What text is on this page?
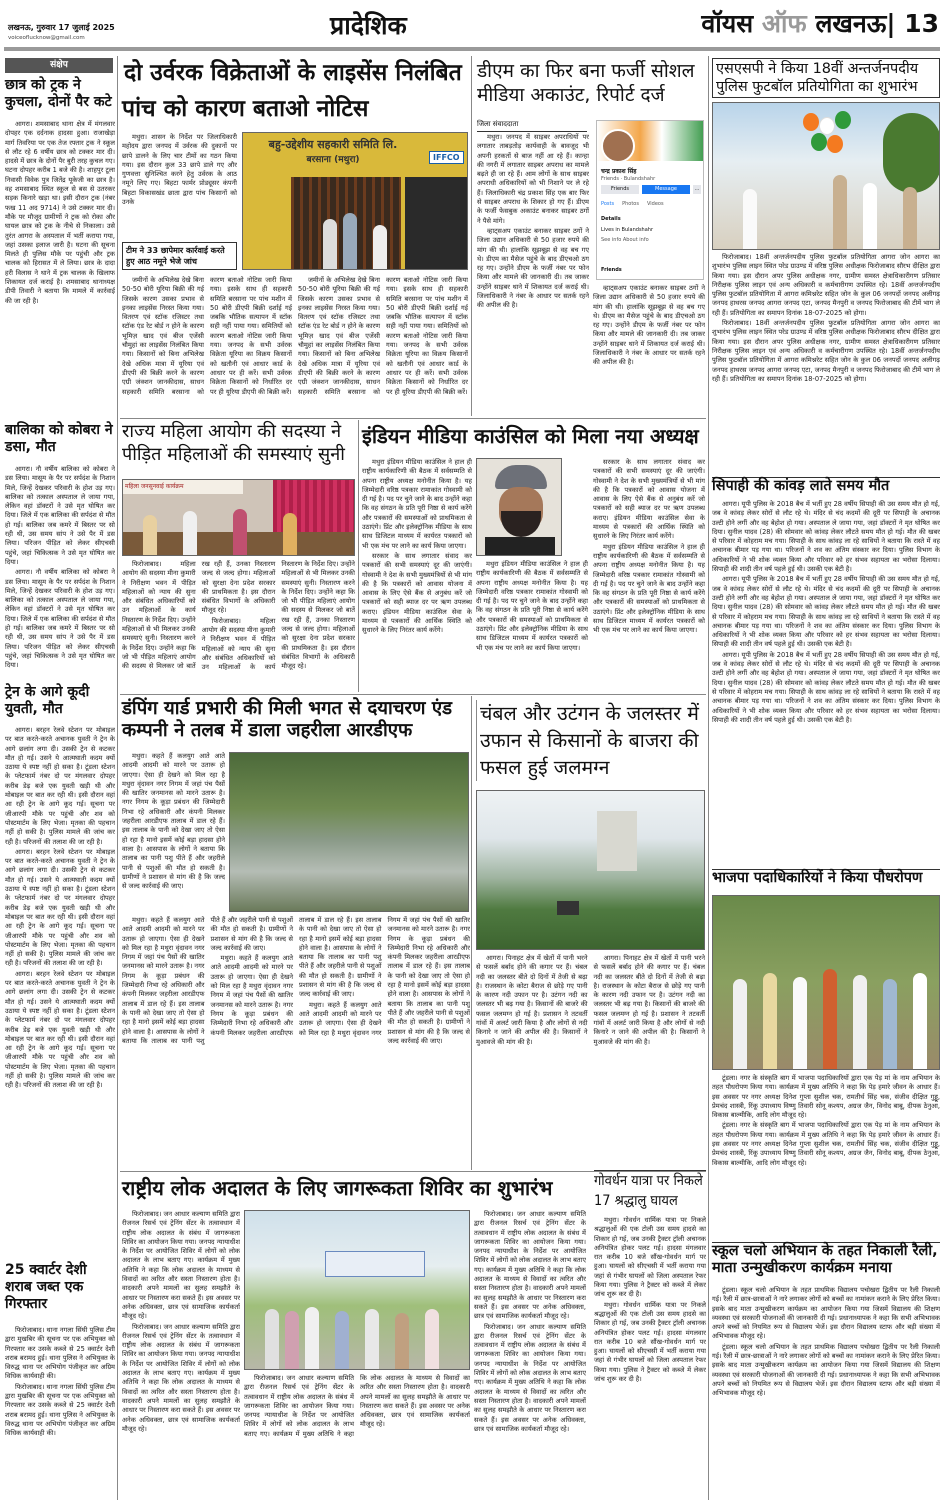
लखनऊ, गुरुवार 17 जुलाई 2025
voiceoflucknow@gmail.com	प्रादेशिक	वॉयस ऑफ लखनऊ| 13
संक्षेप
छात्र को ट्रक ने कुचला, दोनों पैर कटे

आगरा। शमसाबाद थाना क्षेत्र में मंगलवार दोपहर एक दर्दनाक हादसा हुआ। राजाखेड़ा मार्ग तिवरिया पर एक तेज रफ्तार ट्रक ने स्कूल से लौट रहे 6 वर्षीय छात्र को टक्कर मार दी। हादसे में छात्र के दोनों पैर बुरी तरह कुचल गए। घटना दोपहर करीब 1 बजे की है। शाहपुर टूला निवासी विवेक पुत्र जितेंद्र यूकेजी का छात्र है। वह शमसाबाद स्थित स्कूल से बस से उतरकर सड़क किनारे खड़ा था। इसी दौरान ट्रक (नंबर फख 11 अद 9714) ने उसे टक्कर मार दी। मौके पर मौजूद ग्रामीणों ने ट्रक को रोका और घायल छात्र को ट्रक के नीचे से निकाला। उसे तुरंत आगरा के अस्पताल में भर्ती कराया गया, जहां उसका इलाज जारी है। घटना की सूचना मिलते ही पुलिस मौके पर पहुंची और ट्रक चालक को हिरासत में ले लिया। छात्र के दादा हरी विलास ने थाने में ट्रक चालक के खिलाफ शिकायत दर्ज कराई है। शमसाबाद थानाध्यक्ष डीपी तिवारी ने बताया कि मामले में कार्रवाई की जा रही है।

बालिका को कोबरा ने डसा, मौत

आगरा। नौ वर्षीय बालिका को कोबरा ने डस लिया। मासूम के पैर पर सर्पदंश के निशान मिले, जिन्हें देखकर परिवारी के होश उड़ गए। बालिका को तत्काल अस्पताल ले जाया गया, लेकिन वहां डॉक्टरों ने उसे मृत घोषित कर दिया। जिले में एक बालिका की सर्पदंश से मौत हो गई। बालिका जब कमरे में बिस्तर पर सो रही थी, उस समय सांप ने उसे पैर में डस लिया। परिजन पीड़ित को लेकर सीएचसी पहुंचे, जहां चिकित्सक ने उसे मृत घोषित कर दिया।

आगरा। नौ वर्षीय बालिका को कोबरा ने डस लिया। मासूम के पैर पर सर्पदंश के निशान मिले, जिन्हें देखकर परिवारी के होश उड़ गए। बालिका को तत्काल अस्पताल ले जाया गया, लेकिन वहां डॉक्टरों ने उसे मृत घोषित कर दिया। जिले में एक बालिका की सर्पदंश से मौत हो गई। बालिका जब कमरे में बिस्तर पर सो रही थी, उस समय सांप ने उसे पैर में डस लिया। परिजन पीड़ित को लेकर सीएचसी पहुंचे, जहां चिकित्सक ने उसे मृत घोषित कर दिया।

ट्रेन के आगे कूदी युवती, मौत

आगरा। बरहन रेलवे स्टेशन पर मोबाइल पर बात करते-करते अचानक युवती ने ट्रेन के आगे छलांग लगा दी। उसकी ट्रेन से कटकर मौत हो गई। उसने ये आत्मघाती कदम क्यों उठाया ये स्पष्ट नहीं हो सका है। टूंडला स्टेशन के प्लेटफार्म नंबर दो पर मंगलवार दोपहर करीब डेढ़ बजे एक युवती खड़ी थी और मोबाइल पर बात कर रही थी। इसी दौरान वहां आ रही ट्रेन के आगे कूद गई। सूचना पर जीआरपी मौके पर पहुंची और शव को पोस्टमार्टम के लिए भेजा। मृतका की पहचान नहीं हो सकी है। पुलिस मामले की जांच कर रही है। परिजनों की तलाश की जा रही है।

आगरा। बरहन रेलवे स्टेशन पर मोबाइल पर बात करते-करते अचानक युवती ने ट्रेन के आगे छलांग लगा दी। उसकी ट्रेन से कटकर मौत हो गई। उसने ये आत्मघाती कदम क्यों उठाया ये स्पष्ट नहीं हो सका है। टूंडला स्टेशन के प्लेटफार्म नंबर दो पर मंगलवार दोपहर करीब डेढ़ बजे एक युवती खड़ी थी और मोबाइल पर बात कर रही थी। इसी दौरान वहां आ रही ट्रेन के आगे कूद गई। सूचना पर जीआरपी मौके पर पहुंची और शव को पोस्टमार्टम के लिए भेजा। मृतका की पहचान नहीं हो सकी है। पुलिस मामले की जांच कर रही है। परिजनों की तलाश की जा रही है।

आगरा। बरहन रेलवे स्टेशन पर मोबाइल पर बात करते-करते अचानक युवती ने ट्रेन के आगे छलांग लगा दी। उसकी ट्रेन से कटकर मौत हो गई। उसने ये आत्मघाती कदम क्यों उठाया ये स्पष्ट नहीं हो सका है। टूंडला स्टेशन के प्लेटफार्म नंबर दो पर मंगलवार दोपहर करीब डेढ़ बजे एक युवती खड़ी थी और मोबाइल पर बात कर रही थी। इसी दौरान वहां आ रही ट्रेन के आगे कूद गई। सूचना पर जीआरपी मौके पर पहुंची और शव को पोस्टमार्टम के लिए भेजा। मृतका की पहचान नहीं हो सकी है। पुलिस मामले की जांच कर रही है। परिजनों की तलाश की जा रही है।

25 क्वार्टर देशी शराब जब्त एक गिरफ्तार

फिरोजाबाद। थाना नगला सिंघी पुलिस टीम द्वारा मुखबिर की सूचना पर एक अभियुक्त को गिरफ्तार कर उसके कब्जे से 25 क्वार्टर देशी शराब बरामद हुई। थाना पुलिस ने अभियुक्त के विरुद्ध थाना पर अभियोग पंजीकृत कर अग्रिम विधिक कार्यवाही की।

फिरोजाबाद। थाना नगला सिंघी पुलिस टीम द्वारा मुखबिर की सूचना पर एक अभियुक्त को गिरफ्तार कर उसके कब्जे से 25 क्वार्टर देशी शराब बरामद हुई। थाना पुलिस ने अभियुक्त के विरुद्ध थाना पर अभियोग पंजीकृत कर अग्रिम विधिक कार्यवाही की।

दो उर्वरक विक्रेताओं के लाइसेंस निलंबित
पांच को कारण बताओ नोटिस

मथुरा। शासन के निर्देश पर जिलाधिकारी महोदय द्वारा जनपद में उर्वरक की दुकानों पर छापे डालने के लिए चार टीमों का गठन किया गया। इस दौरान कुल 33 छापे डाले गए और गुणवत्ता सुनिश्चित करने हेतु उर्वरक के आठ नमूने लिए गए। बिहटा फार्मर प्रोड्यूसर कंपनी बिहटा विकासखंड छाता द्वारा पांच किसानों को उनके

टीम ने 33 छापेमार कार्रवाई करते हुए आठ नमूने भेजे जांच
बहु-उद्देशीय सहकारी समिति लि.
बरसाना (मथुरा)	IFFCO

जमीनों के अभिलेख देखे बिना 50-50 बोरी यूरिया बिक्री की गई जिसके कारण उसका प्रभाव से इनका लाइसेंस निरस्त किया गया। वितरण एवं स्टॉक रजिस्टर तथा स्टॉक एंड रेट बोर्ड न होने के कारण भूमिज़ खाद एवं बीज एजेंसी चौमुहां का लाइसेंस निलंबित किया गया। किसानों को बिना अभिलेख देखे अधिक मात्रा में यूरिया एवं डीएपी की बिक्री करने के कारण एग्री जंक्शन जानकीदास, साधन सहकारी समिति बरसाना को कारण बताओ नोटिस जारी किया गया। इसके साथ ही सहकारी समिति बरसाना पर पांच मशीन में 50 बोरी डीएपी बिक्री दर्शाई गई जबकि भौतिक सत्यापन में स्टॉक सही नहीं पाया गया। समितियों को कारण बताओ नोटिस जारी किया गया। जनपद के सभी उर्वरक विक्रेता यूरिया का विक्रय किसानों को खतौनी एवं आधार कार्ड के आधार पर ही करें। सभी उर्वरक विक्रेता किसानों को निर्धारित दर पर ही यूरिया डीएपी की बिक्री करें।

जमीनों के अभिलेख देखे बिना 50-50 बोरी यूरिया बिक्री की गई जिसके कारण उसका प्रभाव से इनका लाइसेंस निरस्त किया गया। वितरण एवं स्टॉक रजिस्टर तथा स्टॉक एंड रेट बोर्ड न होने के कारण भूमिज़ खाद एवं बीज एजेंसी चौमुहां का लाइसेंस निलंबित किया गया। किसानों को बिना अभिलेख देखे अधिक मात्रा में यूरिया एवं डीएपी की बिक्री करने के कारण एग्री जंक्शन जानकीदास, साधन सहकारी समिति बरसाना को कारण बताओ नोटिस जारी किया गया। इसके साथ ही सहकारी समिति बरसाना पर पांच मशीन में 50 बोरी डीएपी बिक्री दर्शाई गई जबकि भौतिक सत्यापन में स्टॉक सही नहीं पाया गया। समितियों को कारण बताओ नोटिस जारी किया गया। जनपद के सभी उर्वरक विक्रेता यूरिया का विक्रय किसानों को खतौनी एवं आधार कार्ड के आधार पर ही करें। सभी उर्वरक विक्रेता किसानों को निर्धारित दर पर ही यूरिया डीएपी की बिक्री करें।

डीएम का फिर बना फर्जी सोशल मीडिया अकाउंट, रिपोर्ट दर्ज
जिला संवाददाता

मथुरा। जनपद में साइबर अपराधियों पर लगातार ताबड़तोड़ कार्यवाही के बावजूद भी अपनी हरकतों से बाज नहीं आ रहे हैं। कान्हा की नगरी में लगातार साइबर अपराध का मामले बढ़ते ही जा रहे हैं। आम लोगों के साथ साइबर अपराधी अधिकारियों को भी निशाने पर ले रहे हैं। जिलाधिकारी चंद्र प्रकाश सिंह एक बार फिर से साइबर अपराध के शिकार हो गए हैं। डीएम के फर्जी फेसबुक अकाउंट बनाकर साइबर ठगों ने पैसे मांगे।

व्हाट्सअप एकाउंट बनाकर साइबर ठगों ने जिला उद्यान अधिकारी से 50 हजार रुपये की मांग की थी। हालांकि सूझबूझ से वह बच गए थे। डीएम का मैसेज पहुंचे के बाद डीएचओ ठग रह गए। उन्होंने डीएम के फर्जी नंबर पर फोन किया और मामले की जानकारी दी। तब जाकर उन्होंने साइबर थाने में शिकायत दर्ज कराई थी। जिलाधिकारी ने नंबर के आधार पर सतर्क रहने की अपील की है।

चन्द्र प्रकाश सिंह
Friends · Bulandshahr
Friends	Message	…
Posts Photos Videos
Details
Lives in Bulandshahr
See info About info
Friends

व्हाट्सअप एकाउंट बनाकर साइबर ठगों ने जिला उद्यान अधिकारी से 50 हजार रुपये की मांग की थी। हालांकि सूझबूझ से वह बच गए थे। डीएम का मैसेज पहुंचे के बाद डीएचओ ठग रह गए। उन्होंने डीएम के फर्जी नंबर पर फोन किया और मामले की जानकारी दी। तब जाकर उन्होंने साइबर थाने में शिकायत दर्ज कराई थी। जिलाधिकारी ने नंबर के आधार पर सतर्क रहने की अपील की है।

राज्य महिला आयोग की सदस्या ने पीड़ित महिलाओं की समस्याएं सुनी
महिला जनसुनवाई कार्यक्रम

फिरोजाबाद। महिला आयोग की सदस्या मीना कुमारी ने निरीक्षण भवन में पीड़ित महिलाओं को न्याय की सुना और संबंधित अधिकारियों को उन महिलाओं के कार्य निस्तारण के निर्देश दिए। उन्होंने महिलाओं से भी मिलकर उनकी समस्याएं सुनी। निस्तारण करने के निर्देश दिए। उन्होंने कहा कि जो भी पीड़ित महिलाएं आयोग की सदस्य से मिलकर जो बातें रख रही हैं, उनका निस्तारण जल्द से जल्द होगा। महिलाओं को सुरक्षा देना प्रदेश सरकार की प्राथमिकता है। इस दौरान संबंधित विभागों के अधिकारी मौजूद रहे।

फिरोजाबाद। महिला आयोग की सदस्या मीना कुमारी ने निरीक्षण भवन में पीड़ित महिलाओं को न्याय की सुना और संबंधित अधिकारियों को उन महिलाओं के कार्य निस्तारण के निर्देश दिए। उन्होंने महिलाओं से भी मिलकर उनकी समस्याएं सुनी। निस्तारण करने के निर्देश दिए। उन्होंने कहा कि जो भी पीड़ित महिलाएं आयोग की सदस्य से मिलकर जो बातें रख रही हैं, उनका निस्तारण जल्द से जल्द होगा। महिलाओं को सुरक्षा देना प्रदेश सरकार की प्राथमिकता है। इस दौरान संबंधित विभागों के अधिकारी मौजूद रहे।

इंडियन मीडिया काउंसिल को मिला नया अध्यक्ष

मथुरा इंडियन मीडिया काउंसिल ने हाल ही राष्ट्रीय कार्यकारिणी की बैठक में सर्वसम्मति से अपना राष्ट्रीय अध्यक्ष मनोनीत किया है। यह जिम्मेदारी वरिष्ठ पत्रकार रामाकांत गोस्वामी को दी गई है। पद पर चुने जाने के बाद उन्होंने कहा कि वह संगठन के प्रति पूरी निष्ठा से कार्य करेंगे और पत्रकारों की समस्याओं को प्राथमिकता से उठाएंगे। प्रिंट और इलेक्ट्रॉनिक मीडिया के साथ साथ डिजिटल माध्यम में कार्यरत पत्रकारों को भी एक मंच पर लाने का कार्य किया जाएगा।

सरकार के साथ लगातार संवाद कर पत्रकारों की सभी समस्याएं दूर की जाएंगी। गोस्वामी ने देश के सभी मुख्यमंत्रियों से भी मांग की है कि पत्रकारों को आवास योजना में आवास के लिए ऐसे बैंक से अनुबंध करें जो पत्रकारों को सही ब्याज दर पर ऋण उपलब्ध कराए। इंडियन मीडिया काउंसिल सेवा के माध्यम से पत्रकारों की आर्थिक स्थिति को सुधारने के लिए निरंतर कार्य करेंगे।

मथुरा इंडियन मीडिया काउंसिल ने हाल ही राष्ट्रीय कार्यकारिणी की बैठक में सर्वसम्मति से अपना राष्ट्रीय अध्यक्ष मनोनीत किया है। यह जिम्मेदारी वरिष्ठ पत्रकार रामाकांत गोस्वामी को दी गई है। पद पर चुने जाने के बाद उन्होंने कहा कि वह संगठन के प्रति पूरी निष्ठा से कार्य करेंगे और पत्रकारों की समस्याओं को प्राथमिकता से उठाएंगे। प्रिंट और इलेक्ट्रॉनिक मीडिया के साथ साथ डिजिटल माध्यम में कार्यरत पत्रकारों को भी एक मंच पर लाने का कार्य किया जाएगा।

सरकार के साथ लगातार संवाद कर पत्रकारों की सभी समस्याएं दूर की जाएंगी। गोस्वामी ने देश के सभी मुख्यमंत्रियों से भी मांग की है कि पत्रकारों को आवास योजना में आवास के लिए ऐसे बैंक से अनुबंध करें जो पत्रकारों को सही ब्याज दर पर ऋण उपलब्ध कराए। इंडियन मीडिया काउंसिल सेवा के माध्यम से पत्रकारों की आर्थिक स्थिति को सुधारने के लिए निरंतर कार्य करेंगे।

मथुरा इंडियन मीडिया काउंसिल ने हाल ही राष्ट्रीय कार्यकारिणी की बैठक में सर्वसम्मति से अपना राष्ट्रीय अध्यक्ष मनोनीत किया है। यह जिम्मेदारी वरिष्ठ पत्रकार रामाकांत गोस्वामी को दी गई है। पद पर चुने जाने के बाद उन्होंने कहा कि वह संगठन के प्रति पूरी निष्ठा से कार्य करेंगे और पत्रकारों की समस्याओं को प्राथमिकता से उठाएंगे। प्रिंट और इलेक्ट्रॉनिक मीडिया के साथ साथ डिजिटल माध्यम में कार्यरत पत्रकारों को भी एक मंच पर लाने का कार्य किया जाएगा।

डंपिंग यार्ड प्रभारी की मिली भगत से दयाचरण एंड कम्पनी ने तलब में डाला जहरीला आरडीएफ

मथुरा। कहते हैं कलयुग आते आते आदमी आदमी को मारने पर उतारू हो जाएगा। ऐसा ही देखने को मिल रहा है मथुरा वृंदावन नगर निगम में जहां पंच पैसों की खातिर जनमानस को मारने उतारू है। नगर निगम के कूड़ा प्रबंधन की जिम्मेदारी निभा रहे अधिकारी और कंपनी मिलकर जहरीला आरडीएफ तालाब में डाल रहे हैं। इस तालाब के पानी को देखा जाए तो ऐसा हो रहा है मानो इसमें कोई बड़ा हादसा होने वाला है। आसपास के लोगों ने बताया कि तालाब का पानी पशु पीते हैं और जहरीले पानी से पशुओं की मौत हो सकती है। ग्रामीणों ने प्रशासन से मांग की है कि जल्द से जल्द कार्रवाई की जाए।

मथुरा। कहते हैं कलयुग आते आते आदमी आदमी को मारने पर उतारू हो जाएगा। ऐसा ही देखने को मिल रहा है मथुरा वृंदावन नगर निगम में जहां पंच पैसों की खातिर जनमानस को मारने उतारू है। नगर निगम के कूड़ा प्रबंधन की जिम्मेदारी निभा रहे अधिकारी और कंपनी मिलकर जहरीला आरडीएफ तालाब में डाल रहे हैं। इस तालाब के पानी को देखा जाए तो ऐसा हो रहा है मानो इसमें कोई बड़ा हादसा होने वाला है। आसपास के लोगों ने बताया कि तालाब का पानी पशु पीते हैं और जहरीले पानी से पशुओं की मौत हो सकती है। ग्रामीणों ने प्रशासन से मांग की है कि जल्द से जल्द कार्रवाई की जाए।

मथुरा। कहते हैं कलयुग आते आते आदमी आदमी को मारने पर उतारू हो जाएगा। ऐसा ही देखने को मिल रहा है मथुरा वृंदावन नगर निगम में जहां पंच पैसों की खातिर जनमानस को मारने उतारू है। नगर निगम के कूड़ा प्रबंधन की जिम्मेदारी निभा रहे अधिकारी और कंपनी मिलकर जहरीला आरडीएफ तालाब में डाल रहे हैं। इस तालाब के पानी को देखा जाए तो ऐसा हो रहा है मानो इसमें कोई बड़ा हादसा होने वाला है। आसपास के लोगों ने बताया कि तालाब का पानी पशु पीते हैं और जहरीले पानी से पशुओं की मौत हो सकती है। ग्रामीणों ने प्रशासन से मांग की है कि जल्द से जल्द कार्रवाई की जाए।

मथुरा। कहते हैं कलयुग आते आते आदमी आदमी को मारने पर उतारू हो जाएगा। ऐसा ही देखने को मिल रहा है मथुरा वृंदावन नगर निगम में जहां पंच पैसों की खातिर जनमानस को मारने उतारू है। नगर निगम के कूड़ा प्रबंधन की जिम्मेदारी निभा रहे अधिकारी और कंपनी मिलकर जहरीला आरडीएफ तालाब में डाल रहे हैं। इस तालाब के पानी को देखा जाए तो ऐसा हो रहा है मानो इसमें कोई बड़ा हादसा होने वाला है। आसपास के लोगों ने बताया कि तालाब का पानी पशु पीते हैं और जहरीले पानी से पशुओं की मौत हो सकती है। ग्रामीणों ने प्रशासन से मांग की है कि जल्द से जल्द कार्रवाई की जाए।

चंबल और उटंगन के जलस्तर में उफान से किसानों के बाजरा की फसल हुई जलमग्न

आगरा। पिनाहट क्षेत्र में खेतों में पानी भरने से फसलें बर्बाद होने की कगार पर हैं। चंबल नदी का जलस्तर बीते दो दिनों में तेजी से बढ़ा है। राजस्थान के कोटा बैराज से छोड़े गए पानी के कारण नदी उफान पर है। उटंगन नदी का जलस्तर भी बढ़ गया है। किसानों की बाजरे की फसल जलमग्न हो गई है। प्रशासन ने तटवर्ती गांवों में अलर्ट जारी किया है और लोगों से नदी किनारे न जाने की अपील की है। किसानों ने मुआवजे की मांग की है।

आगरा। पिनाहट क्षेत्र में खेतों में पानी भरने से फसलें बर्बाद होने की कगार पर हैं। चंबल नदी का जलस्तर बीते दो दिनों में तेजी से बढ़ा है। राजस्थान के कोटा बैराज से छोड़े गए पानी के कारण नदी उफान पर है। उटंगन नदी का जलस्तर भी बढ़ गया है। किसानों की बाजरे की फसल जलमग्न हो गई है। प्रशासन ने तटवर्ती गांवों में अलर्ट जारी किया है और लोगों से नदी किनारे न जाने की अपील की है। किसानों ने मुआवजे की मांग की है।

राष्ट्रीय लोक अदालत के लिए जागरूकता शिविर का शुभारंभ

फिरोजाबाद। जन आधार कल्याण समिति द्वारा रीजनल रिसर्च एवं ट्रेनिंग सेंटर के तत्वावधान में राष्ट्रीय लोक अदालत के संबंध में जागरूकता शिविर का आयोजन किया गया। जनपद न्यायाधीश के निर्देश पर आयोजित शिविर में लोगों को लोक अदालत के लाभ बताए गए। कार्यक्रम में मुख्य अतिथि ने कहा कि लोक अदालत के माध्यम से विवादों का त्वरित और सस्ता निस्तारण होता है। वादकारी अपने मामलों का सुलह समझौते के आधार पर निस्तारण करा सकते हैं। इस अवसर पर अनेक अधिवक्ता, छात्र एवं सामाजिक कार्यकर्ता मौजूद रहे।

फिरोजाबाद। जन आधार कल्याण समिति द्वारा रीजनल रिसर्च एवं ट्रेनिंग सेंटर के तत्वावधान में राष्ट्रीय लोक अदालत के संबंध में जागरूकता शिविर का आयोजन किया गया। जनपद न्यायाधीश के निर्देश पर आयोजित शिविर में लोगों को लोक अदालत के लाभ बताए गए। कार्यक्रम में मुख्य अतिथि ने कहा कि लोक अदालत के माध्यम से विवादों का त्वरित और सस्ता निस्तारण होता है। वादकारी अपने मामलों का सुलह समझौते के आधार पर निस्तारण करा सकते हैं। इस अवसर पर अनेक अधिवक्ता, छात्र एवं सामाजिक कार्यकर्ता मौजूद रहे।

फिरोजाबाद। जन आधार कल्याण समिति द्वारा रीजनल रिसर्च एवं ट्रेनिंग सेंटर के तत्वावधान में राष्ट्रीय लोक अदालत के संबंध में जागरूकता शिविर का आयोजन किया गया। जनपद न्यायाधीश के निर्देश पर आयोजित शिविर में लोगों को लोक अदालत के लाभ बताए गए। कार्यक्रम में मुख्य अतिथि ने कहा कि लोक अदालत के माध्यम से विवादों का त्वरित और सस्ता निस्तारण होता है। वादकारी अपने मामलों का सुलह समझौते के आधार पर निस्तारण करा सकते हैं। इस अवसर पर अनेक अधिवक्ता, छात्र एवं सामाजिक कार्यकर्ता मौजूद रहे।

फिरोजाबाद। जन आधार कल्याण समिति द्वारा रीजनल रिसर्च एवं ट्रेनिंग सेंटर के तत्वावधान में राष्ट्रीय लोक अदालत के संबंध में जागरूकता शिविर का आयोजन किया गया। जनपद न्यायाधीश के निर्देश पर आयोजित शिविर में लोगों को लोक अदालत के लाभ बताए गए। कार्यक्रम में मुख्य अतिथि ने कहा कि लोक अदालत के माध्यम से विवादों का त्वरित और सस्ता निस्तारण होता है। वादकारी अपने मामलों का सुलह समझौते के आधार पर निस्तारण करा सकते हैं। इस अवसर पर अनेक अधिवक्ता, छात्र एवं सामाजिक कार्यकर्ता मौजूद रहे।

फिरोजाबाद। जन आधार कल्याण समिति द्वारा रीजनल रिसर्च एवं ट्रेनिंग सेंटर के तत्वावधान में राष्ट्रीय लोक अदालत के संबंध में जागरूकता शिविर का आयोजन किया गया। जनपद न्यायाधीश के निर्देश पर आयोजित शिविर में लोगों को लोक अदालत के लाभ बताए गए। कार्यक्रम में मुख्य अतिथि ने कहा कि लोक अदालत के माध्यम से विवादों का त्वरित और सस्ता निस्तारण होता है। वादकारी अपने मामलों का सुलह समझौते के आधार पर निस्तारण करा सकते हैं। इस अवसर पर अनेक अधिवक्ता, छात्र एवं सामाजिक कार्यकर्ता मौजूद रहे।

गोवर्धन यात्रा पर निकले 17 श्रद्धालु घायल

मथुरा। गोवर्धन धार्मिक यात्रा पर निकले श्रद्धालुओं की एक टोली उस समय हादसे का शिकार हो गई, जब उनकी ट्रैक्टर ट्रॉली अचानक अनियंत्रित होकर पलट गई। हादसा मंगलवार रात करीब 10 बजे सौंख-गोवर्धन मार्ग पर हुआ। घायलों को सीएचसी में भर्ती कराया गया जहां से गंभीर घायलों को जिला अस्पताल रेफर किया गया। पुलिस ने ट्रैक्टर को कब्जे में लेकर जांच शुरू कर दी है।

मथुरा। गोवर्धन धार्मिक यात्रा पर निकले श्रद्धालुओं की एक टोली उस समय हादसे का शिकार हो गई, जब उनकी ट्रैक्टर ट्रॉली अचानक अनियंत्रित होकर पलट गई। हादसा मंगलवार रात करीब 10 बजे सौंख-गोवर्धन मार्ग पर हुआ। घायलों को सीएचसी में भर्ती कराया गया जहां से गंभीर घायलों को जिला अस्पताल रेफर किया गया। पुलिस ने ट्रैक्टर को कब्जे में लेकर जांच शुरू कर दी है।

एसएसपी ने किया 18वीं अन्तर्जनपदीय पुलिस फुटबॉल प्रतियोगिता का शुभारंभ

फिरोजाबाद। 18वीं अन्तर्जनपदीय पुलिस फुटबॉल प्रतियोगिता आगरा जोन आगरा का शुभारंभ पुलिस लाइन स्थित परेड ग्राउण्ड में वरिष्ठ पुलिस अधीक्षक फिरोजाबाद सौरभ दीक्षित द्वारा किया गया। इस दौरान अपर पुलिस अधीक्षक नगर, ग्रामीण समस्त क्षेत्राधिकारीगण प्रतिसार निरीक्षक पुलिस लाइन एवं अन्य अधिकारी व कर्मचारीगण उपस्थित रहे। 18वीं अन्तर्जनपदीय पुलिस फुटबॉल प्रतियोगिता में आगरा कमिश्नरेट सहित जोन के कुल 06 जनपदों जनपद अलीगढ़ जनपद हाथरस जनपद आगरा जनपद एटा, जनपद मैनपुरी व जनपद फिरोजाबाद की टीमें भाग ले रही हैं। प्रतियोगिता का समापन दिनांक 18-07-2025 को होगा।

फिरोजाबाद। 18वीं अन्तर्जनपदीय पुलिस फुटबॉल प्रतियोगिता आगरा जोन आगरा का शुभारंभ पुलिस लाइन स्थित परेड ग्राउण्ड में वरिष्ठ पुलिस अधीक्षक फिरोजाबाद सौरभ दीक्षित द्वारा किया गया। इस दौरान अपर पुलिस अधीक्षक नगर, ग्रामीण समस्त क्षेत्राधिकारीगण प्रतिसार निरीक्षक पुलिस लाइन एवं अन्य अधिकारी व कर्मचारीगण उपस्थित रहे। 18वीं अन्तर्जनपदीय पुलिस फुटबॉल प्रतियोगिता में आगरा कमिश्नरेट सहित जोन के कुल 06 जनपदों जनपद अलीगढ़ जनपद हाथरस जनपद आगरा जनपद एटा, जनपद मैनपुरी व जनपद फिरोजाबाद की टीमें भाग ले रही हैं। प्रतियोगिता का समापन दिनांक 18-07-2025 को होगा।

सिपाही की कांवड़ लाते समय मौत

आगरा। यूपी पुलिस के 2018 बैच में भर्ती हुए 28 वर्षीय सिपाही की उस समय मौत हो गई, जब वे कांवड़ लेकर सोरों से लौट रहे थे। मंदिर से चंद कदमों की दूरी पर सिपाही के अचानक उल्टी होने लगीं और वह बेहोश हो गया। अस्पताल ले जाया गया, जहां डॉक्टरों ने मृत घोषित कर दिया। सुनील यादव (28) की सोमवार को कांवड़ लेकर लौटते समय मौत हो गई। मौत की खबर से परिवार में कोहराम मच गया। सिपाही के साथ कांवड़ ला रहे साथियों ने बताया कि रास्ते में वह अचानक बीमार पड़ गया था। परिजनों ने शव का अंतिम संस्कार कर दिया। पुलिस विभाग के अधिकारियों ने भी शोक व्यक्त किया और परिवार को हर संभव सहायता का भरोसा दिलाया। सिपाही की शादी तीन वर्ष पहले हुई थी। उसकी एक बेटी है।

आगरा। यूपी पुलिस के 2018 बैच में भर्ती हुए 28 वर्षीय सिपाही की उस समय मौत हो गई, जब वे कांवड़ लेकर सोरों से लौट रहे थे। मंदिर से चंद कदमों की दूरी पर सिपाही के अचानक उल्टी होने लगीं और वह बेहोश हो गया। अस्पताल ले जाया गया, जहां डॉक्टरों ने मृत घोषित कर दिया। सुनील यादव (28) की सोमवार को कांवड़ लेकर लौटते समय मौत हो गई। मौत की खबर से परिवार में कोहराम मच गया। सिपाही के साथ कांवड़ ला रहे साथियों ने बताया कि रास्ते में वह अचानक बीमार पड़ गया था। परिजनों ने शव का अंतिम संस्कार कर दिया। पुलिस विभाग के अधिकारियों ने भी शोक व्यक्त किया और परिवार को हर संभव सहायता का भरोसा दिलाया। सिपाही की शादी तीन वर्ष पहले हुई थी। उसकी एक बेटी है।

आगरा। यूपी पुलिस के 2018 बैच में भर्ती हुए 28 वर्षीय सिपाही की उस समय मौत हो गई, जब वे कांवड़ लेकर सोरों से लौट रहे थे। मंदिर से चंद कदमों की दूरी पर सिपाही के अचानक उल्टी होने लगीं और वह बेहोश हो गया। अस्पताल ले जाया गया, जहां डॉक्टरों ने मृत घोषित कर दिया। सुनील यादव (28) की सोमवार को कांवड़ लेकर लौटते समय मौत हो गई। मौत की खबर से परिवार में कोहराम मच गया। सिपाही के साथ कांवड़ ला रहे साथियों ने बताया कि रास्ते में वह अचानक बीमार पड़ गया था। परिजनों ने शव का अंतिम संस्कार कर दिया। पुलिस विभाग के अधिकारियों ने भी शोक व्यक्त किया और परिवार को हर संभव सहायता का भरोसा दिलाया। सिपाही की शादी तीन वर्ष पहले हुई थी। उसकी एक बेटी है।

भाजपा पदाधिकारियों ने किया पौधरोपण

टूंडला। नगर के संस्कृति बाग में भाजपा पदाधिकारियों द्वारा एक पेड़ मां के नाम अभियान के तहत पौधरोपण किया गया। कार्यक्रम में मुख्य अतिथि ने कहा कि पेड़ हमारे जीवन के आधार हैं। इस अवसर पर नगर अध्यक्ष दिनेश गुप्ता सुशील चक, रामतीर्थ सिंह चक, संजीव दीक्षित गुड्डू, प्रेमचंद शास्त्री, रिंकू उपाध्याय विष्णु तिवारी सोनू कश्यप, अग्रज जैन, विनोद बाबू, दीपक ठेनुआ, विकास बाल्मीकि, आदि लोग मौजूद रहे।

टूंडला। नगर के संस्कृति बाग में भाजपा पदाधिकारियों द्वारा एक पेड़ मां के नाम अभियान के तहत पौधरोपण किया गया। कार्यक्रम में मुख्य अतिथि ने कहा कि पेड़ हमारे जीवन के आधार हैं। इस अवसर पर नगर अध्यक्ष दिनेश गुप्ता सुशील चक, रामतीर्थ सिंह चक, संजीव दीक्षित गुड्डू, प्रेमचंद शास्त्री, रिंकू उपाध्याय विष्णु तिवारी सोनू कश्यप, अग्रज जैन, विनोद बाबू, दीपक ठेनुआ, विकास बाल्मीकि, आदि लोग मौजूद रहे।

स्कूल चलो अभियान के तहत निकाली रैली, माता उन्मुखीकरण कार्यक्रम मनाया

टूंडला। स्कूल चलो अभियान के तहत प्राथमिक विद्यालय पचोखरा द्वितीय पर रैली निकाली गई। रैली में छात्र-छात्राओं ने नारे लगाकर लोगों को बच्चों का नामांकन कराने के लिए प्रेरित किया। इसके बाद माता उन्मुखीकरण कार्यक्रम का आयोजन किया गया जिसमें विद्यालय की शिक्षण व्यवस्था एवं सरकारी योजनाओं की जानकारी दी गई। प्रधानाध्यापक ने कहा कि सभी अभिभावक अपने बच्चों को नियमित रूप से विद्यालय भेजें। इस दौरान विद्यालय स्टाफ और बड़ी संख्या में अभिभावक मौजूद रहे।

टूंडला। स्कूल चलो अभियान के तहत प्राथमिक विद्यालय पचोखरा द्वितीय पर रैली निकाली गई। रैली में छात्र-छात्राओं ने नारे लगाकर लोगों को बच्चों का नामांकन कराने के लिए प्रेरित किया। इसके बाद माता उन्मुखीकरण कार्यक्रम का आयोजन किया गया जिसमें विद्यालय की शिक्षण व्यवस्था एवं सरकारी योजनाओं की जानकारी दी गई। प्रधानाध्यापक ने कहा कि सभी अभिभावक अपने बच्चों को नियमित रूप से विद्यालय भेजें। इस दौरान विद्यालय स्टाफ और बड़ी संख्या में अभिभावक मौजूद रहे।
